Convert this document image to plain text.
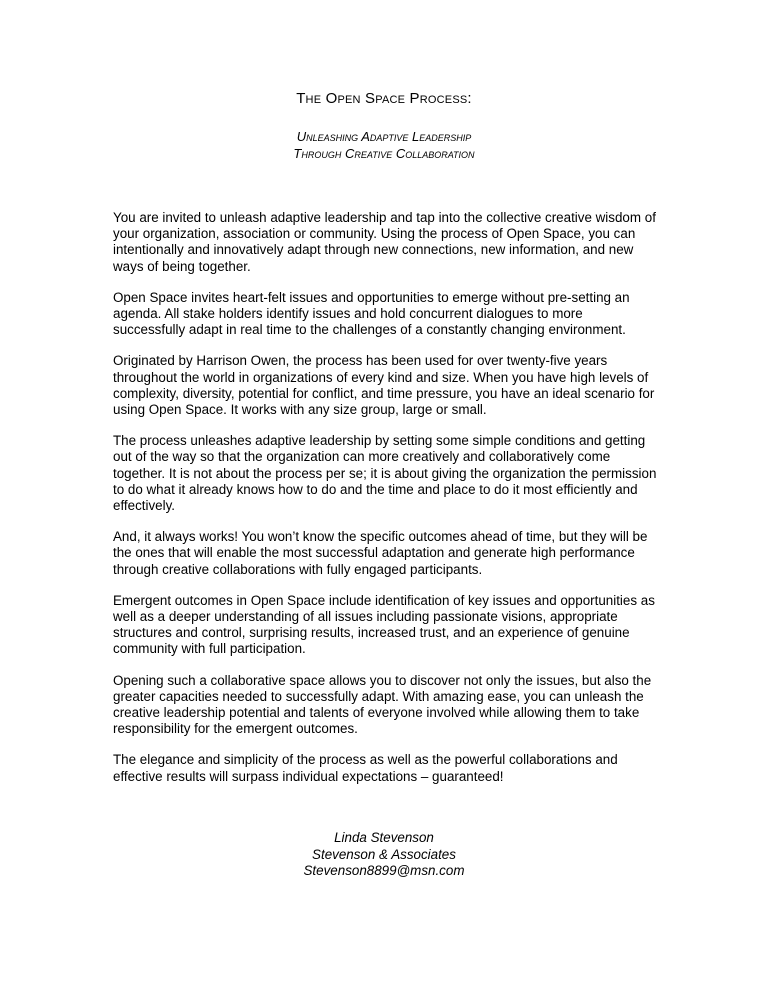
The Open Space Process:
Unleashing Adaptive Leadership
Through Creative Collaboration

You are invited to unleash adaptive leadership and tap into the collective creative wisdom of your organization, association or community. Using the process of Open Space, you can intentionally and innovatively adapt through new connections, new information, and new ways of being together.

Open Space invites heart-felt issues and opportunities to emerge without pre-setting an agenda. All stake holders identify issues and hold concurrent dialogues to more successfully adapt in real time to the challenges of a constantly changing environment.

Originated by Harrison Owen, the process has been used for over twenty-five years throughout the world in organizations of every kind and size. When you have high levels of complexity, diversity, potential for conflict, and time pressure, you have an ideal scenario for using Open Space. It works with any size group, large or small.

The process unleashes adaptive leadership by setting some simple conditions and getting out of the way so that the organization can more creatively and collaboratively come together. It is not about the process per se; it is about giving the organization the permission to do what it already knows how to do and the time and place to do it most efficiently and effectively.

And, it always works! You won’t know the specific outcomes ahead of time, but they will be the ones that will enable the most successful adaptation and generate high performance through creative collaborations with fully engaged participants.

Emergent outcomes in Open Space include identification of key issues and opportunities as well as a deeper understanding of all issues including passionate visions, appropriate structures and control, surprising results, increased trust, and an experience of genuine community with full participation.

Opening such a collaborative space allows you to discover not only the issues, but also the greater capacities needed to successfully adapt. With amazing ease, you can unleash the creative leadership potential and talents of everyone involved while allowing them to take responsibility for the emergent outcomes.

The elegance and simplicity of the process as well as the powerful collaborations and effective results will surpass individual expectations – guaranteed!

Linda Stevenson
Stevenson & Associates
Stevenson8899@msn.com
